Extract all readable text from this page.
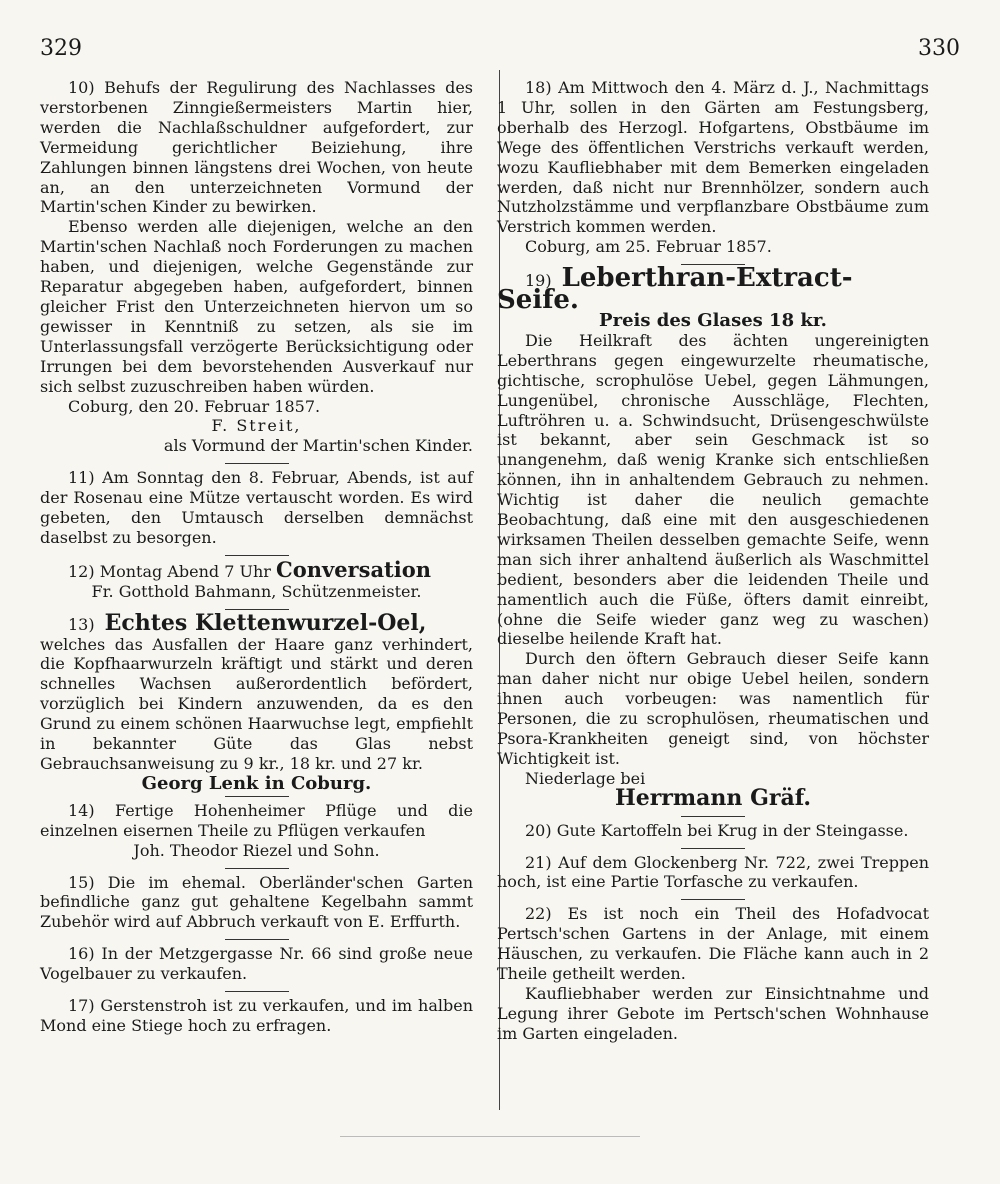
329	330

10) Behufs der Regulirung des Nachlasses des verstorbenen Zinngießermeisters Martin hier, werden die Nachlaßschuldner aufgefordert, zur Vermeidung gerichtlicher Beiziehung, ihre Zahlungen binnen längstens drei Wochen, von heute an, an den unterzeichneten Vormund der Martin'schen Kinder zu bewirken.

Ebenso werden alle diejenigen, welche an den Martin'schen Nachlaß noch Forderungen zu machen haben, und diejenigen, welche Gegenstände zur Reparatur abgegeben haben, aufgefordert, binnen gleicher Frist den Unterzeichneten hiervon um so gewisser in Kenntniß zu setzen, als sie im Unterlassungsfall verzögerte Berücksichtigung oder Irrungen bei dem bevorstehenden Ausverkauf nur sich selbst zuzuschreiben haben würden.

Coburg, den 20. Februar 1857.

F. Streit,

als Vormund der Martin'schen Kinder.

11) Am Sonntag den 8. Februar, Abends, ist auf der Rosenau eine Mütze vertauscht worden. Es wird gebeten, den Umtausch derselben demnächst daselbst zu besorgen.

12) Montag Abend 7 Uhr Conversation

Fr. Gotthold Bahmann, Schützenmeister.

13) Echtes Klettenwurzel-Oel,

welches das Ausfallen der Haare ganz verhindert, die Kopfhaarwurzeln kräftigt und stärkt und deren schnelles Wachsen außerordentlich befördert, vorzüglich bei Kindern anzuwenden, da es den Grund zu einem schönen Haarwuchse legt, empfiehlt in bekannter Güte das Glas nebst Gebrauchsanweisung zu 9 kr., 18 kr. und 27 kr.

Georg Lenk in Coburg.

14) Fertige Hohenheimer Pflüge und die einzelnen eisernen Theile zu Pflügen verkaufen

Joh. Theodor Riezel und Sohn.

15) Die im ehemal. Oberländer'schen Garten befindliche ganz gut gehaltene Kegelbahn sammt Zubehör wird auf Abbruch verkauft von E. Erffurth.

16) In der Metzgergasse Nr. 66 sind große neue Vogelbauer zu verkaufen.

17) Gerstenstroh ist zu verkaufen, und im halben Mond eine Stiege hoch zu erfragen.

18) Am Mittwoch den 4. März d. J., Nachmittags 1 Uhr, sollen in den Gärten am Festungsberg, oberhalb des Herzogl. Hofgartens, Obstbäume im Wege des öffentlichen Verstrichs verkauft werden, wozu Kaufliebhaber mit dem Bemerken eingeladen werden, daß nicht nur Brennhölzer, sondern auch Nutzholzstämme und verpflanzbare Obstbäume zum Verstrich kommen werden.

Coburg, am 25. Februar 1857.

19) Leberthran-Extract-Seife.

Preis des Glases 18 kr.

Die Heilkraft des ächten ungereinigten Leberthrans gegen eingewurzelte rheumatische, gichtische, scrophulöse Uebel, gegen Lähmungen, Lungenübel, chronische Ausschläge, Flechten, Luftröhren u. a. Schwindsucht, Drüsengeschwülste ist bekannt, aber sein Geschmack ist so unangenehm, daß wenig Kranke sich entschließen können, ihn in anhaltendem Gebrauch zu nehmen. Wichtig ist daher die neulich gemachte Beobachtung, daß eine mit den ausgeschiedenen wirksamen Theilen desselben gemachte Seife, wenn man sich ihrer anhaltend äußerlich als Waschmittel bedient, besonders aber die leidenden Theile und namentlich auch die Füße, öfters damit einreibt, (ohne die Seife wieder ganz weg zu waschen) dieselbe heilende Kraft hat.

Durch den öftern Gebrauch dieser Seife kann man daher nicht nur obige Uebel heilen, sondern ihnen auch vorbeugen: was namentlich für Personen, die zu scrophulösen, rheumatischen und Psora-Krankheiten geneigt sind, von höchster Wichtigkeit ist.

Niederlage bei

Herrmann Gräf.

20) Gute Kartoffeln bei Krug in der Steingasse.

21) Auf dem Glockenberg Nr. 722, zwei Treppen hoch, ist eine Partie Torfasche zu verkaufen.

22) Es ist noch ein Theil des Hofadvocat Pertsch'schen Gartens in der Anlage, mit einem Häuschen, zu verkaufen. Die Fläche kann auch in 2 Theile getheilt werden.

Kaufliebhaber werden zur Einsichtnahme und Legung ihrer Gebote im Pertsch'schen Wohnhause im Garten eingeladen.
